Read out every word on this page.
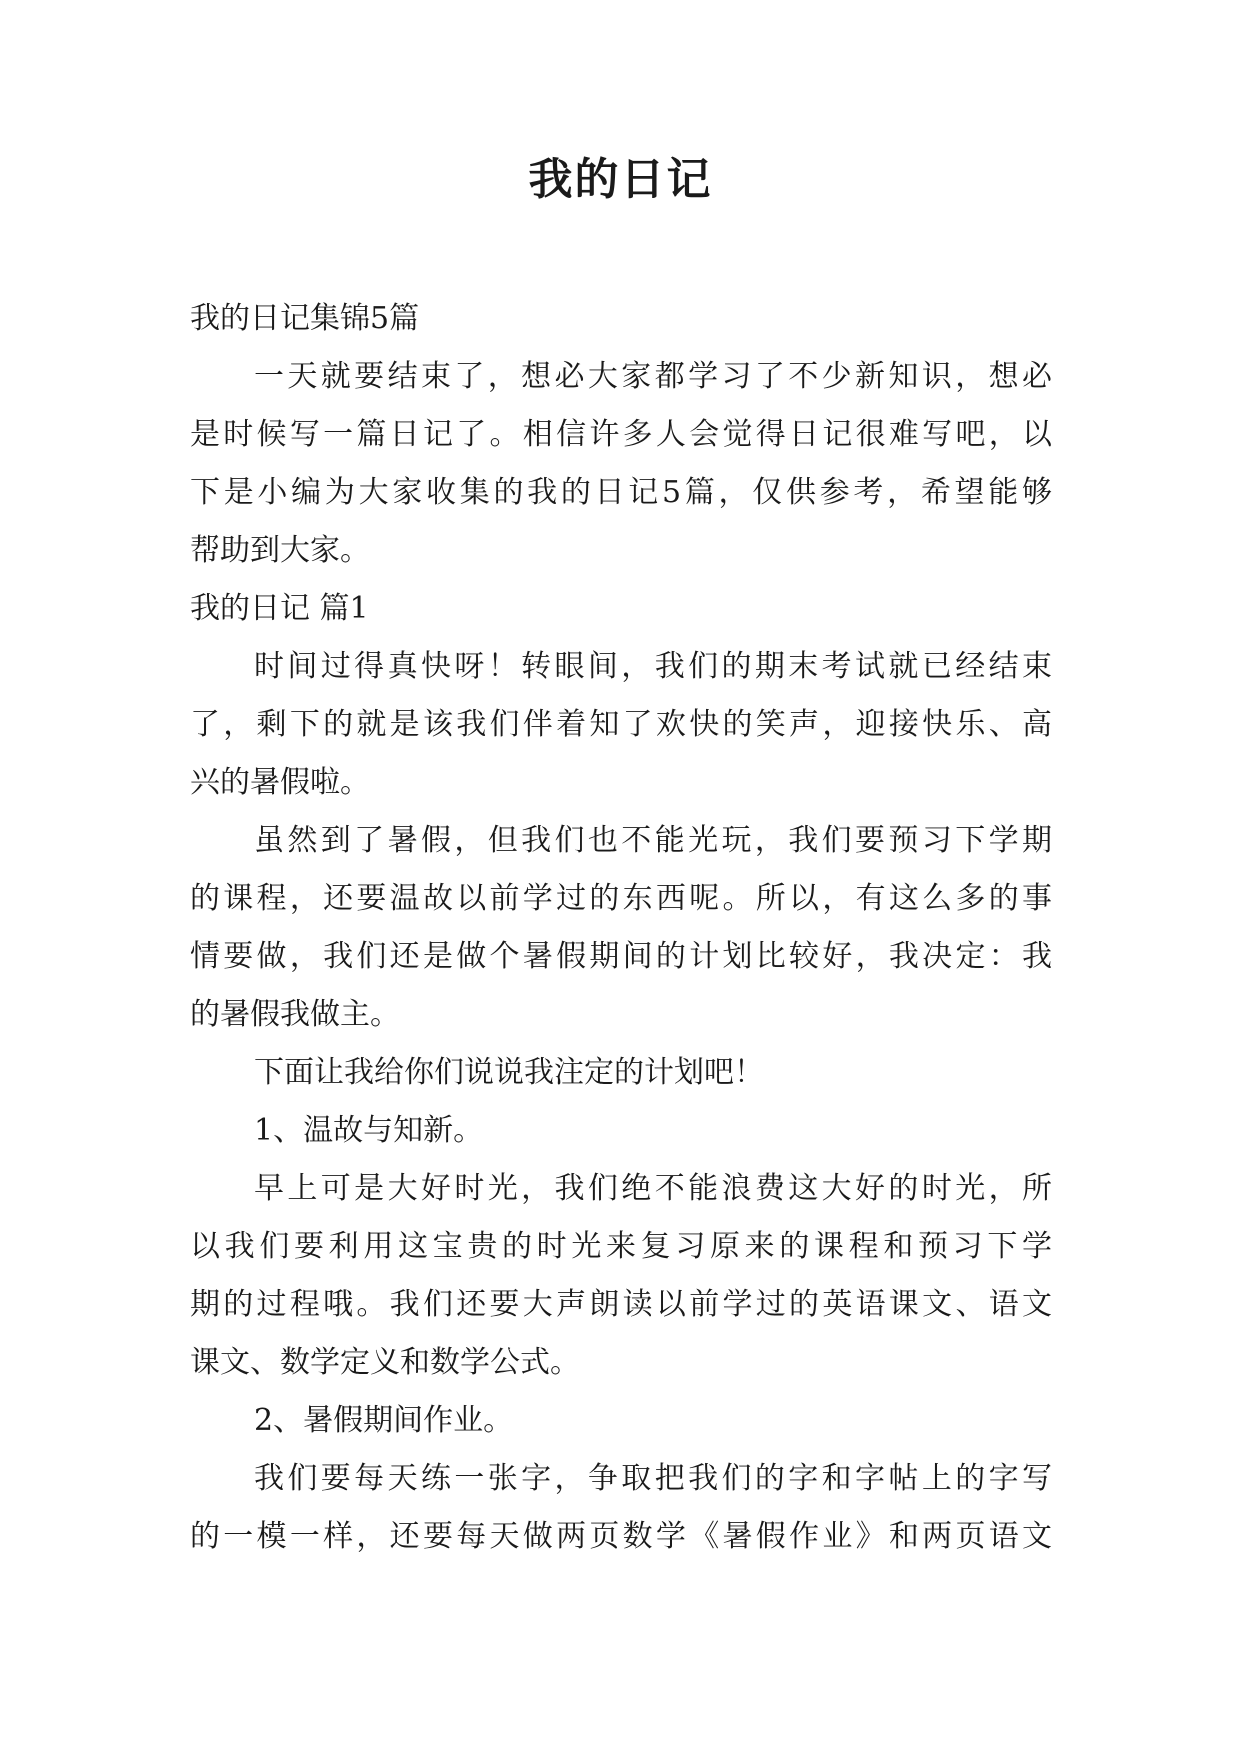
我的日记

我的日记集锦5篇

一天就要结束了，想必大家都学习了不少新知识，想必

是时候写一篇日记了。相信许多人会觉得日记很难写吧，以

下是小编为大家收集的我的日记5篇，仅供参考，希望能够

帮助到大家。

我的日记 篇1

时间过得真快呀！转眼间，我们的期末考试就已经结束

了，剩下的就是该我们伴着知了欢快的笑声，迎接快乐、高

兴的暑假啦。

虽然到了暑假，但我们也不能光玩，我们要预习下学期

的课程，还要温故以前学过的东西呢。所以，有这么多的事

情要做，我们还是做个暑假期间的计划比较好，我决定：我

的暑假我做主。

下面让我给你们说说我注定的计划吧！

1、温故与知新。

早上可是大好时光，我们绝不能浪费这大好的时光，所

以我们要利用这宝贵的时光来复习原来的课程和预习下学

期的过程哦。我们还要大声朗读以前学过的英语课文、语文

课文、数学定义和数学公式。

2、暑假期间作业。

我们要每天练一张字，争取把我们的字和字帖上的字写

的一模一样，还要每天做两页数学《暑假作业》和两页语文
